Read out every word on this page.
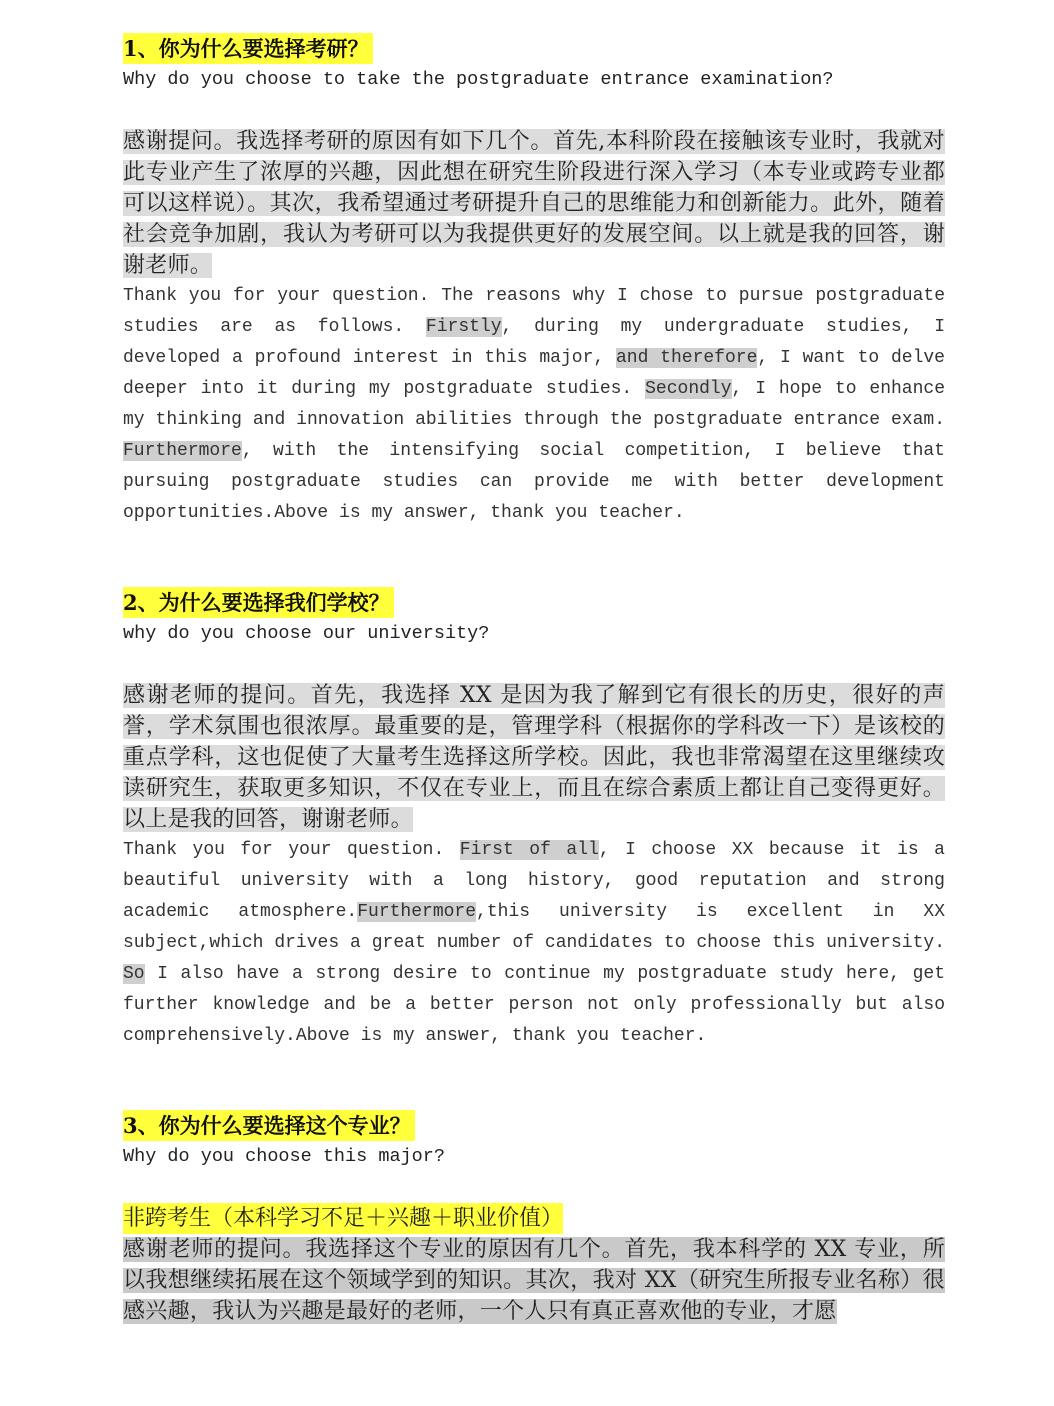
1、你为什么要选择考研？
Why do you choose to take the postgraduate entrance examination?
感谢提问。我选择考研的原因有如下几个。首先,本科阶段在接触该专业时，我就对此专业产生了浓厚的兴趣，因此想在研究生阶段进行深入学习（本专业或跨专业都可以这样说）。其次，我希望通过考研提升自己的思维能力和创新能力。此外，随着社会竞争加剧，我认为考研可以为我提供更好的发展空间。以上就是我的回答，谢谢老师。
Thank you for your question. The reasons why I chose to pursue postgraduate studies are as follows. Firstly, during my undergraduate studies, I developed a profound interest in this major, and therefore, I want to delve deeper into it during my postgraduate studies. Secondly, I hope to enhance my thinking and innovation abilities through the postgraduate entrance exam. Furthermore, with the intensifying social competition, I believe that pursuing postgraduate studies can provide me with better development opportunities.Above is my answer, thank you teacher.
2、为什么要选择我们学校？
why do you choose our university?
感谢老师的提问。首先，我选择 XX 是因为我了解到它有很长的历史，很好的声誉，学术氛围也很浓厚。最重要的是，管理学科（根据你的学科改一下）是该校的重点学科，这也促使了大量考生选择这所学校。因此，我也非常渴望在这里继续攻读研究生，获取更多知识，不仅在专业上，而且在综合素质上都让自己变得更好。以上是我的回答，谢谢老师。
Thank you for your question. First of all, I choose XX because it is a beautiful university with a long history, good reputation and strong academic atmosphere.Furthermore,this university is excellent in XX subject,which drives a great number of candidates to choose this university. So I also have a strong desire to continue my postgraduate study here, get further knowledge and be a better person not only professionally but also comprehensively.Above is my answer, thank you teacher.
3、你为什么要选择这个专业？
Why do you choose this major?
非跨考生（本科学习不足＋兴趣＋职业价值）
感谢老师的提问。我选择这个专业的原因有几个。首先，我本科学的 XX 专业，所以我想继续拓展在这个领域学到的知识。其次，我对 XX（研究生所报专业名称）很感兴趣，我认为兴趣是最好的老师，一个人只有真正喜欢他的专业，才愿
